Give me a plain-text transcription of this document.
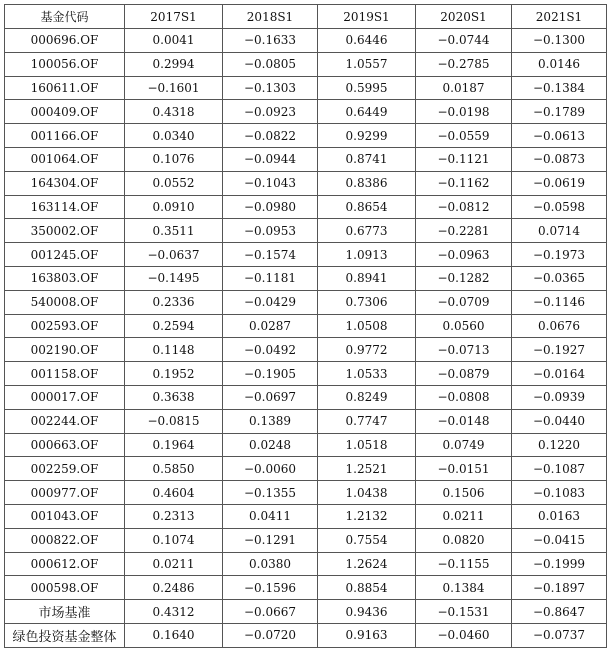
基金代码	2017S1	2018S1	2019S1	2020S1	2021S1
000696.OF	0.0041	−0.1633	0.6446	−0.0744	−0.1300
100056.OF	0.2994	−0.0805	1.0557	−0.2785	0.0146
160611.OF	−0.1601	−0.1303	0.5995	0.0187	−0.1384
000409.OF	0.4318	−0.0923	0.6449	−0.0198	−0.1789
001166.OF	0.0340	−0.0822	0.9299	−0.0559	−0.0613
001064.OF	0.1076	−0.0944	0.8741	−0.1121	−0.0873
164304.OF	0.0552	−0.1043	0.8386	−0.1162	−0.0619
163114.OF	0.0910	−0.0980	0.8654	−0.0812	−0.0598
350002.OF	0.3511	−0.0953	0.6773	−0.2281	0.0714
001245.OF	−0.0637	−0.1574	1.0913	−0.0963	−0.1973
163803.OF	−0.1495	−0.1181	0.8941	−0.1282	−0.0365
540008.OF	0.2336	−0.0429	0.7306	−0.0709	−0.1146
002593.OF	0.2594	0.0287	1.0508	0.0560	0.0676
002190.OF	0.1148	−0.0492	0.9772	−0.0713	−0.1927
001158.OF	0.1952	−0.1905	1.0533	−0.0879	−0.0164
000017.OF	0.3638	−0.0697	0.8249	−0.0808	−0.0939
002244.OF	−0.0815	0.1389	0.7747	−0.0148	−0.0440
000663.OF	0.1964	0.0248	1.0518	0.0749	0.1220
002259.OF	0.5850	−0.0060	1.2521	−0.0151	−0.1087
000977.OF	0.4604	−0.1355	1.0438	0.1506	−0.1083
001043.OF	0.2313	0.0411	1.2132	0.0211	0.0163
000822.OF	0.1074	−0.1291	0.7554	0.0820	−0.0415
000612.OF	0.0211	0.0380	1.2624	−0.1155	−0.1999
000598.OF	0.2486	−0.1596	0.8854	0.1384	−0.1897
市场基准	0.4312	−0.0667	0.9436	−0.1531	−0.8647
绿色投资基金整体	0.1640	−0.0720	0.9163	−0.0460	−0.0737
